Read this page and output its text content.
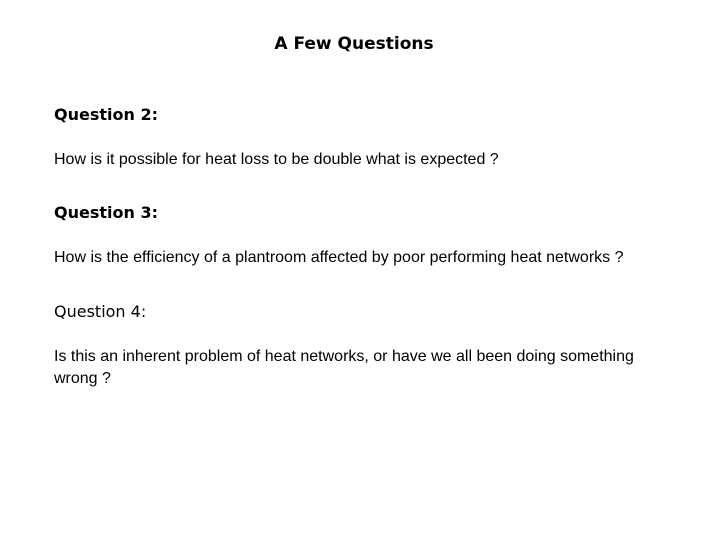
A Few Questions

Question 2:

How is it possible for heat loss to be double what is expected ?

Question 3:

How is the efficiency of a plantroom affected by poor performing heat networks ?

Question 4:

Is this an inherent problem of heat networks, or have we all been doing something wrong ?
